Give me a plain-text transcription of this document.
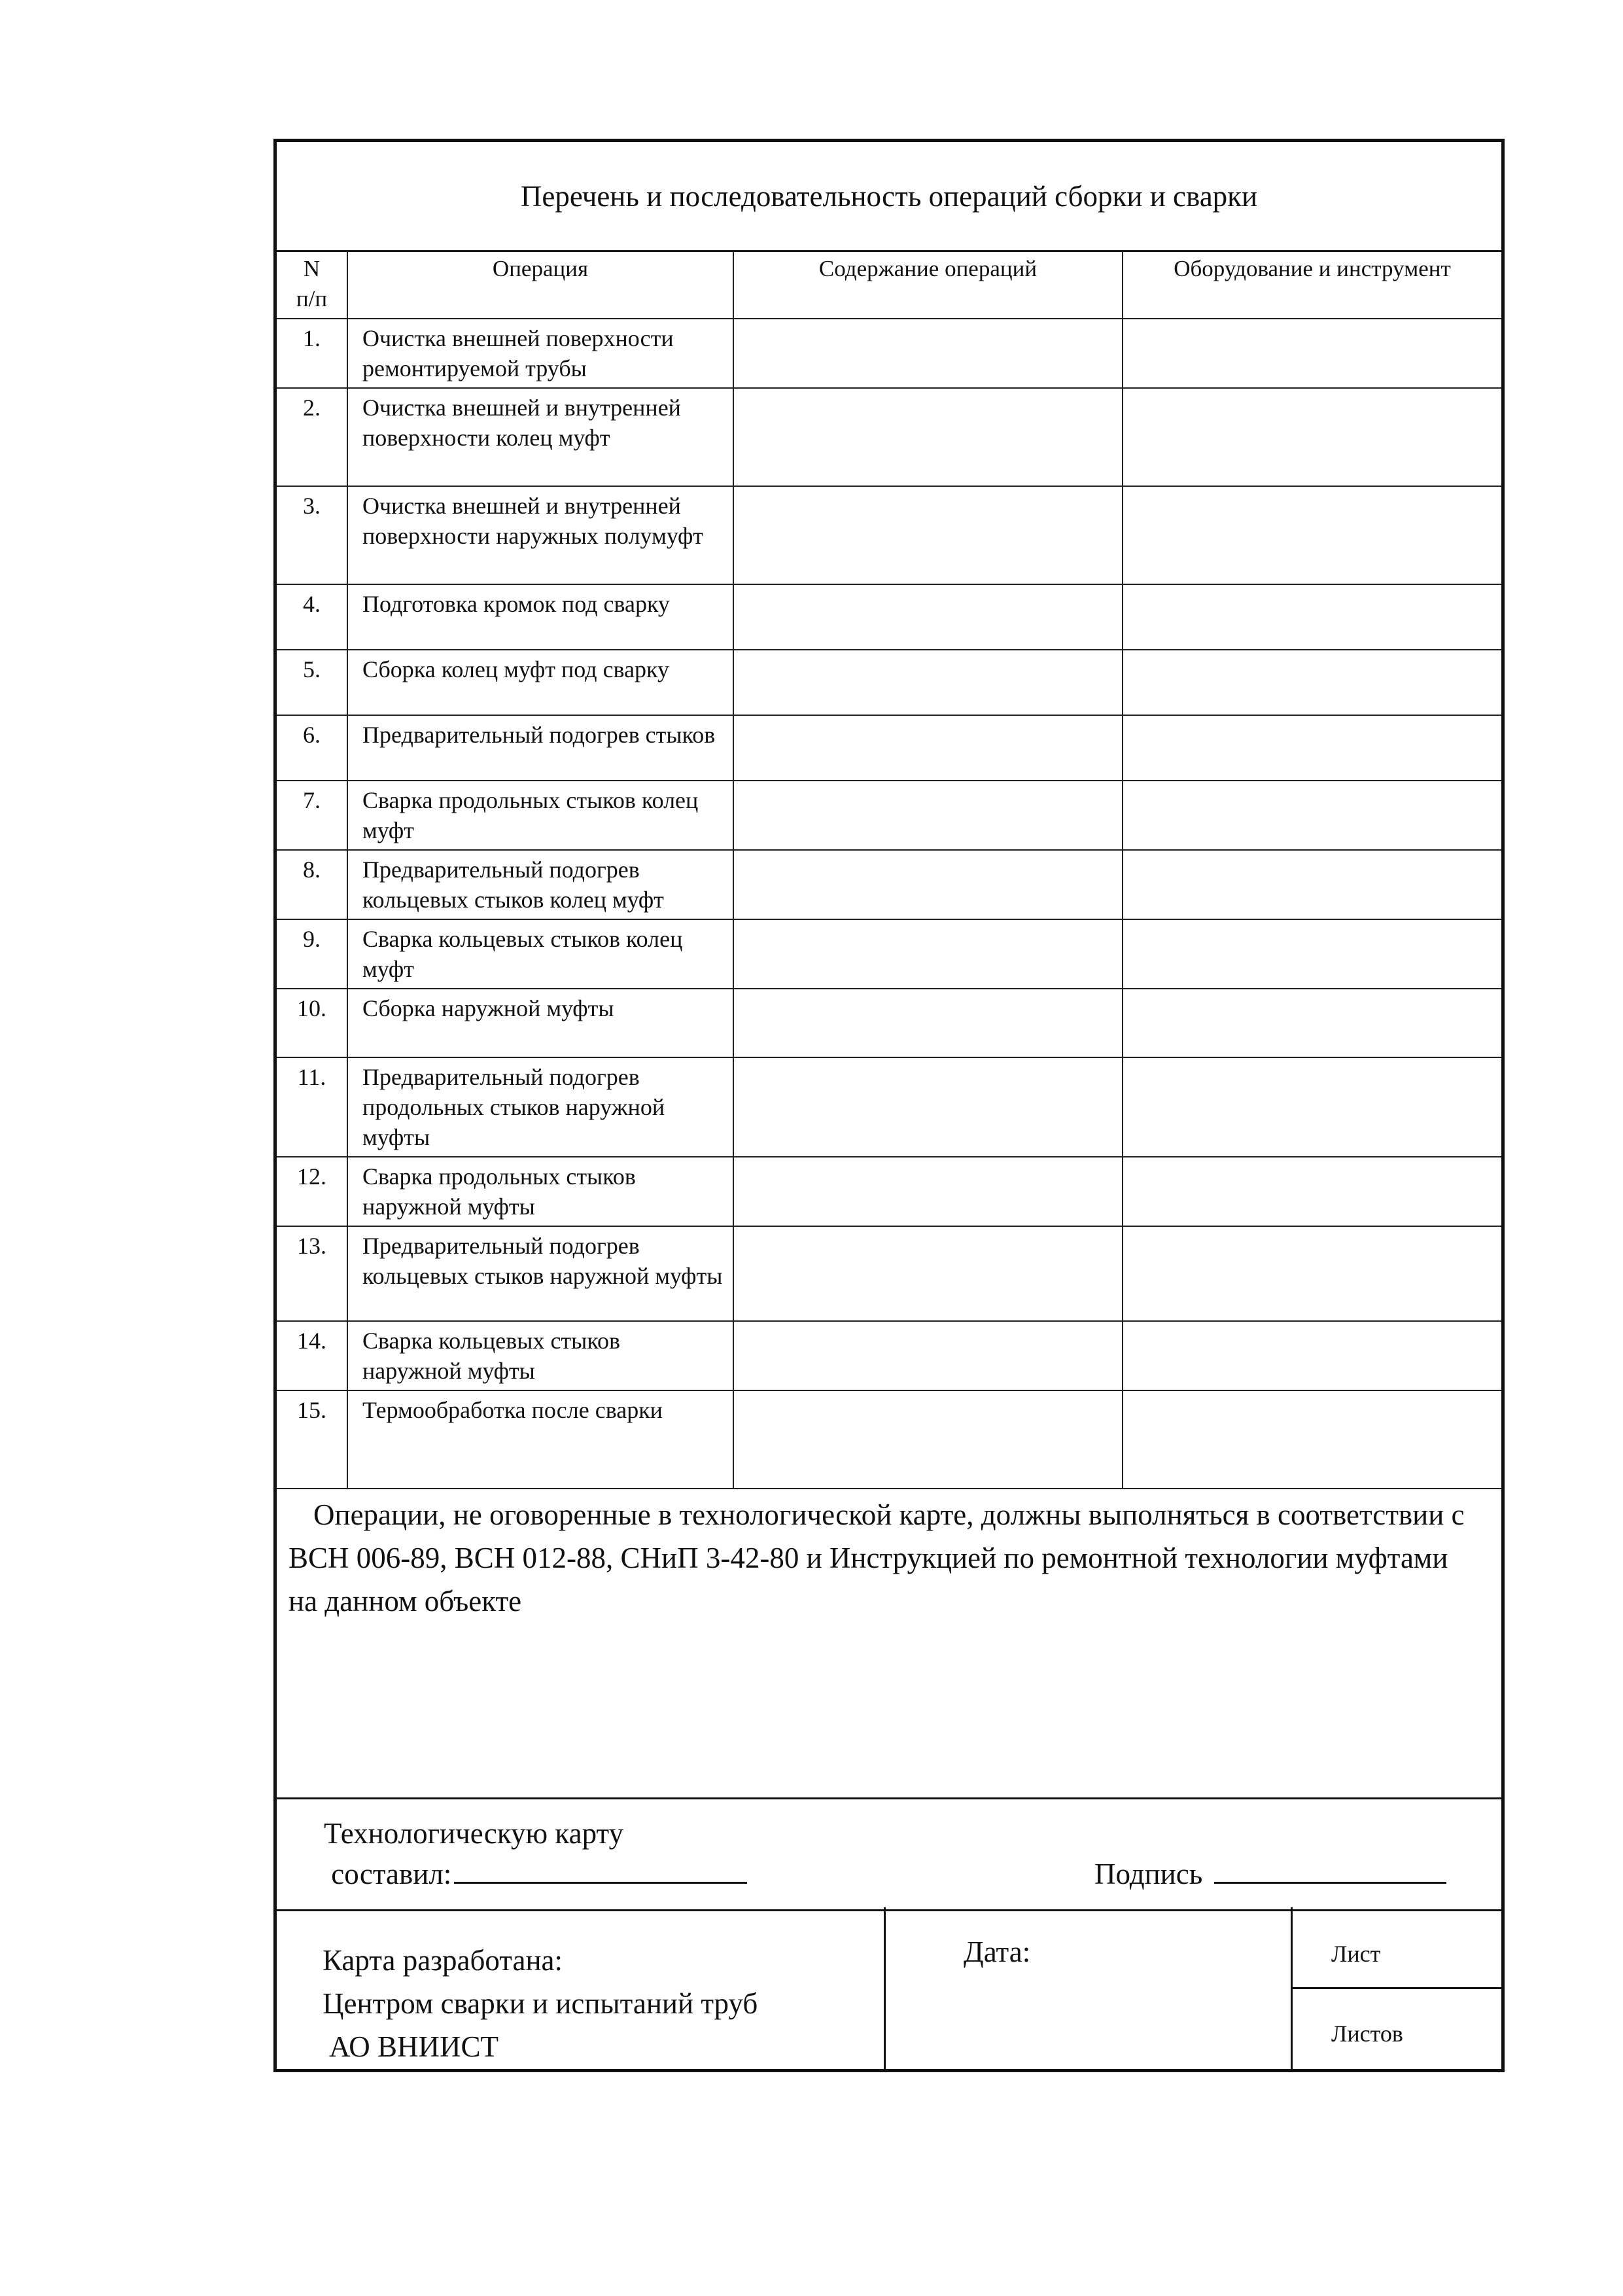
Перечень и последовательность операций сборки и сварки
N
п/п	Операция	Содержание операций	Оборудование и инструмент
1.	Очистка внешней поверхности ремонтируемой трубы		
2.	Очистка внешней и внутренней поверхности колец муфт		
3.	Очистка внешней и внутренней поверхности наружных полумуфт		
4.	Подготовка кромок под сварку		
5.	Сборка колец муфт под сварку		
6.	Предварительный подогрев стыков		
7.	Сварка продольных стыков колец муфт		
8.	Предварительный подогрев кольцевых стыков колец муфт		
9.	Сварка кольцевых стыков колец муфт		
10.	Сборка наружной муфты		
11.	Предварительный подогрев продольных стыков наружной муфты		
12.	Сварка продольных стыков наружной муфты		
13.	Предварительный подогрев кольцевых стыков наружной муфты		
14.	Сварка кольцевых стыков наружной муфты		
15.	Термообработка после сварки		
Операции, не оговоренные в технологической карте, должны выполняться в соответствии с ВСН 006-89, ВСН 012-88, СНиП 3-42-80 и Инструкцией по ремонтной технологии муфтами на данном объекте
Технологическую карту
составил:	Подпись
Карта разработана:
Центром сварки и испытаний труб
АО ВНИИСТ
Дата:	Лист
Листов
